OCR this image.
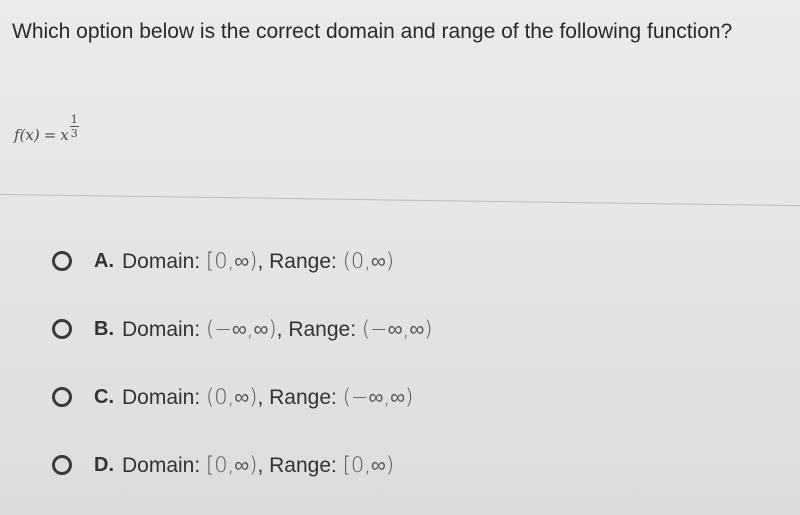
Which option below is the correct domain and range of the following function?
f(x) = x
1
3
A. Domain: [0,∞), Range: (0,∞)
B. Domain: (−∞,∞), Range: (−∞,∞)
C. Domain: (0,∞), Range: (−∞,∞)
D. Domain: [0,∞), Range: [0,∞)
